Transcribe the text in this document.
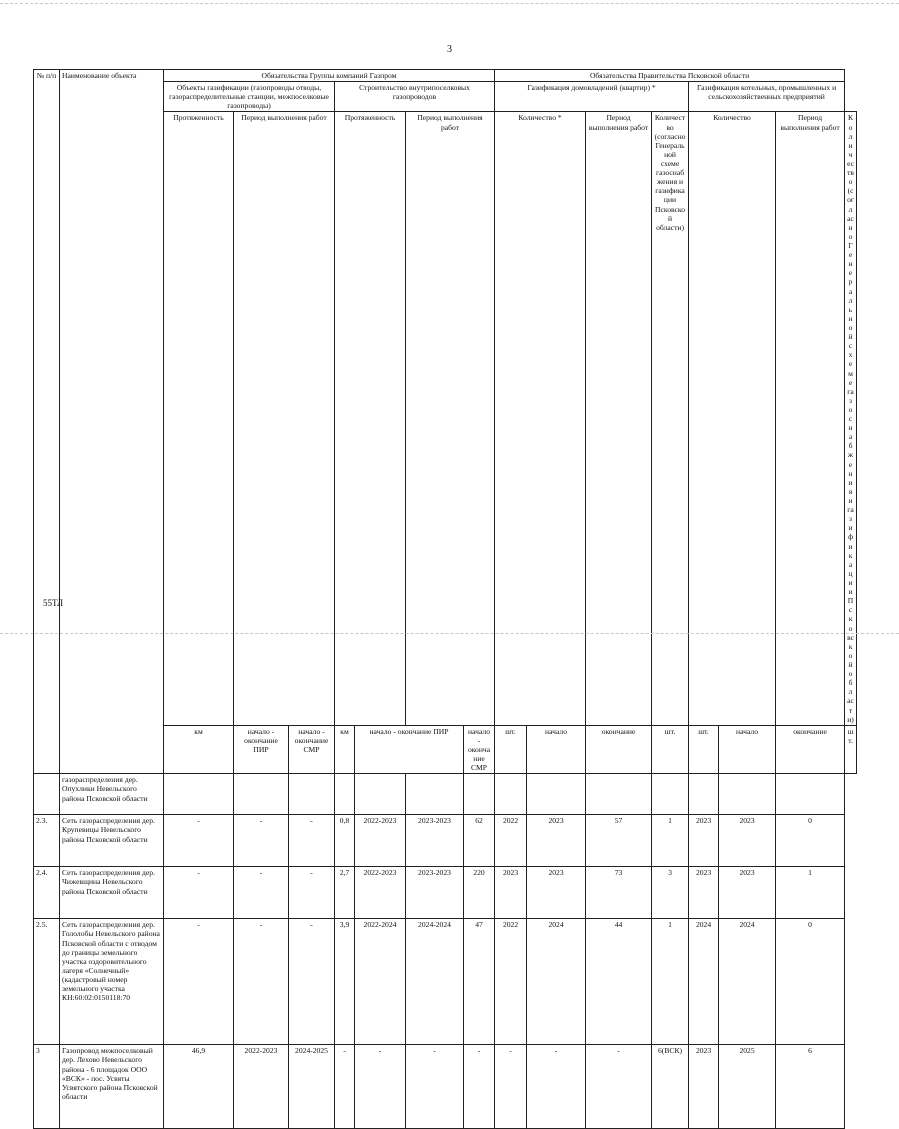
3
№ п/п	Наименование объекта	Обязательства Группы компаний Газпром							Обязательства Правительства Псковской области							
		Объекты газификации (газопроводы отводы, газораспределительные станции, межпоселковые газопроводы)			Строительство внутрипоселковых газопроводов				Газификация домовладений (квартир) *				Газификация котельных, промышленных и сельскохозяйственных предприятий			
		Протяженность	Период выполнения работ		Протяженность		Период выполнения работ		Количество *		Период выполнения работ	Количество (согласно Генеральной схеме газоснабжения и газификации Псковской области)	Количество		Период выполнения работ	Количество (согласно Генеральной схеме газоснабжения и газификации Псковской области)
		км	начало - окончание ПИР	начало - окончание СМР	км	начало - окончание ПИР		начало - окончание СМР	шт.	начало	окончание	шт.	шт.	начало	окончание	шт.
	газораспределения дер. Опухлики Невельского района Псковской области															
2.3.	Сеть газораспределения дер. Крупевицы Невельского района Псковской области	-	-	-	0,8	2022-2023	2023-2023	62	2022	2023	57	1	2023	2023	0	
2.4.	Сеть газораспределения дер. Чижевщина Невельского района Псковской области	-	-	-	2,7	2022-2023	2023-2023	220	2023	2023	73	3	2023	2023	1	
2.5.	Сеть газораспределения дер. Гололобы Невельского района Псковской области с отводом до границы земельного участка оздоровительного лагеря «Солнечный» (кадастровый номер земельного участка КН:60:02:0150118:70	-	-	-	3,9	2022-2024	2024-2024	47	2022	2024	44	1	2024	2024	0	
3	Газопровод межпоселковый дер. Лехово Невельского района - 6 площадок ООО «ВСК» - пос. Усвяты Усвятского района Псковской области	46,9	2022-2023	2024-2025	-	-	-	-	-	-	-	6(ВСК)	2023	2025	6	
55ТЛ
